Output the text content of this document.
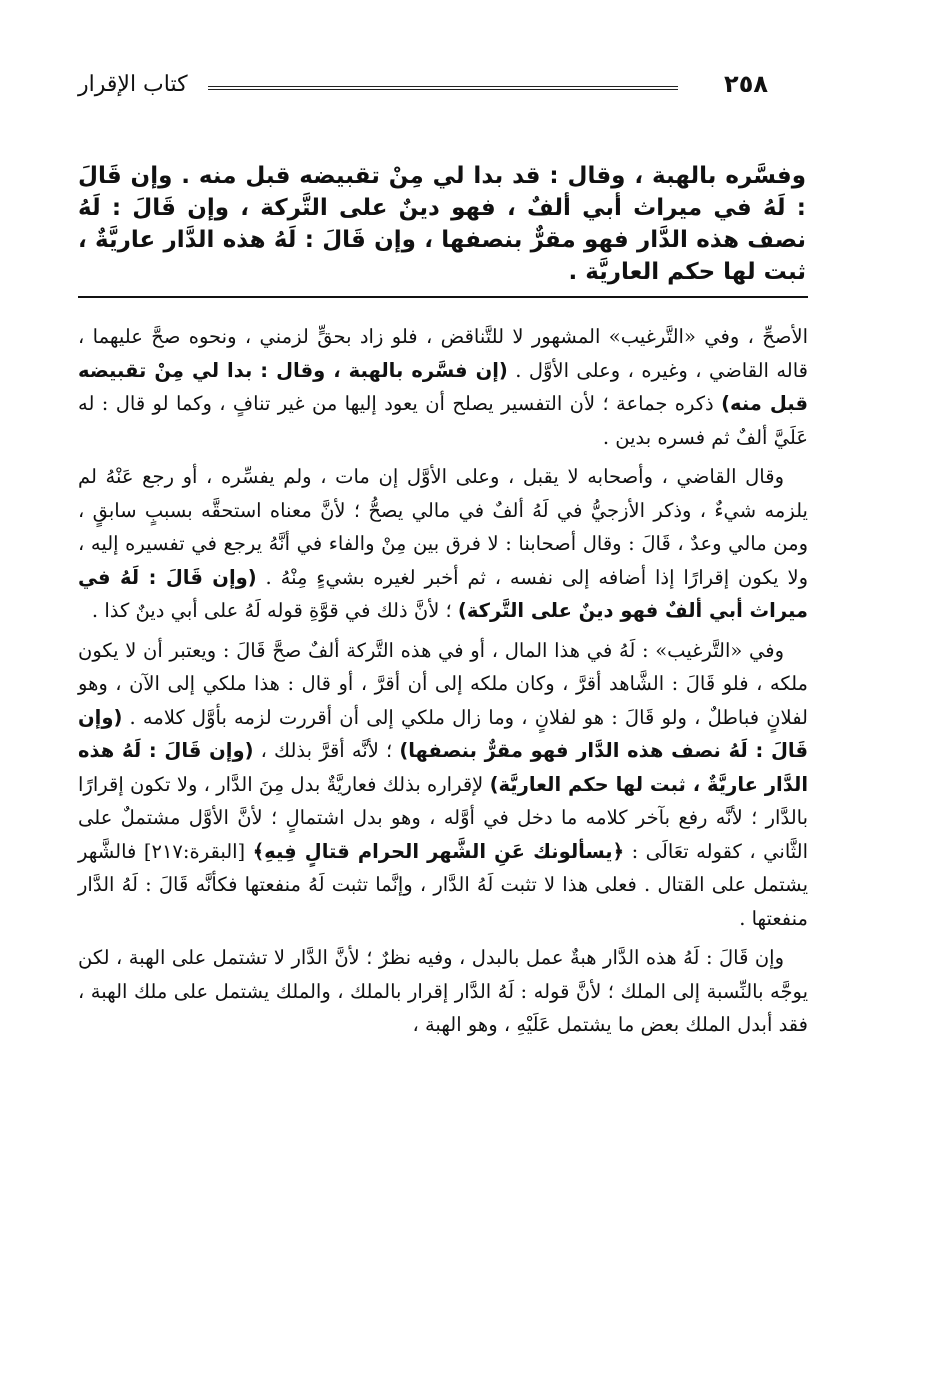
٢٥٨
كتاب الإقرار
وفسَّره بالهبة ، وقال : قد بدا لي مِنْ تقبيضه قبل منه . وإن قَالَ : لَهُ في ميراث أبي ألفٌ ، فهو دينٌ على التَّركة ، وإن قَالَ : لَهُ نصف هذه الدَّار فهو مقرٌّ بنصفها ، وإن قَالَ : لَهُ هذه الدَّار عاريَّةٌ ، ثبت لها حكم العاريَّة .

الأصحِّ ، وفي «التَّرغيب» المشهور لا للتَّناقض ، فلو زاد بحقٍّ لزمني ، ونحوه صحَّ عليهما ، قاله القاضي ، وغيره ، وعلى الأوَّل . (إن فسَّره بالهبة ، وقال : بدا لي مِنْ تقبيضه قبل منه) ذكره جماعة ؛ لأن التفسير يصلح أن يعود إليها من غير تنافٍ ، وكما لو قال : له عَلَيَّ ألفٌ ثم فسره بدين .

وقال القاضي ، وأصحابه لا يقبل ، وعلى الأوَّل إن مات ، ولم يفسِّره ، أو رجع عَنْهُ لم يلزمه شيءٌ ، وذكر الأزجيُّ في لَهُ ألفٌ في مالي يصحُّ ؛ لأنَّ معناه استحقَّه بسببٍ سابقٍ ، ومن مالي وعدٌ ، قَالَ : وقال أصحابنا : لا فرق بين مِنْ والفاء في أنَّهُ يرجع في تفسيره إليه ، ولا يكون إقرارًا إذا أضافه إلى نفسه ، ثم أخبر لغيره بشيءٍ مِنْهُ . (وإن قَالَ : لَهُ في ميراث أبي ألفٌ فهو دينٌ على التَّركة) ؛ لأنَّ ذلك في قوَّةِ قوله لَهُ على أبي دينٌ كذا .

وفي «التَّرغيب» : لَهُ في هذا المال ، أو في هذه التَّركة ألفٌ صحَّ قَالَ : ويعتبر أن لا يكون ملكه ، فلو قَالَ : الشَّاهد أقرَّ ، وكان ملكه إلى أن أقرَّ ، أو قال : هذا ملكي إلى الآن ، وهو لفلانٍ فباطلٌ ، ولو قَالَ : هو لفلانٍ ، وما زال ملكي إلى أن أقررت لزمه بأوَّل كلامه . (وإن قَالَ : لَهُ نصف هذه الدَّار فهو مقرٌّ بنصفها) ؛ لأنَّه أقرَّ بذلك ، (وإن قَالَ : لَهُ هذه الدَّار عاريَّةٌ ، ثبت لها حكم العاريَّة) لإقراره بذلك فعاريَّةٌ بدل مِنَ الدَّار ، ولا تكون إقرارًا بالدَّار ؛ لأنَّه رفع بآخر كلامه ما دخل في أوَّله ، وهو بدل اشتمالٍ ؛ لأنَّ الأوَّل مشتملٌ على الثَّاني ، كقوله تعَالَى : ﴿يسألونك عَنِ الشَّهر الحرام قتالٍ فِيهِ﴾ [البقرة:٢١٧] فالشَّهر يشتمل على القتال . فعلى هذا لا تثبت لَهُ الدَّار ، وإنَّما تثبت لَهُ منفعتها فكأنَّه قَالَ : لَهُ الدَّار منفعتها .

وإن قَالَ : لَهُ هذه الدَّار هبةٌ عمل بالبدل ، وفيه نظرٌ ؛ لأنَّ الدَّار لا تشتمل على الهبة ، لكن يوجَّه بالنِّسبة إلى الملك ؛ لأنَّ قوله : لَهُ الدَّار إقرار بالملك ، والملك يشتمل على ملك الهبة ، فقد أبدل الملك بعض ما يشتمل عَلَيْهِ ، وهو الهبة ،
